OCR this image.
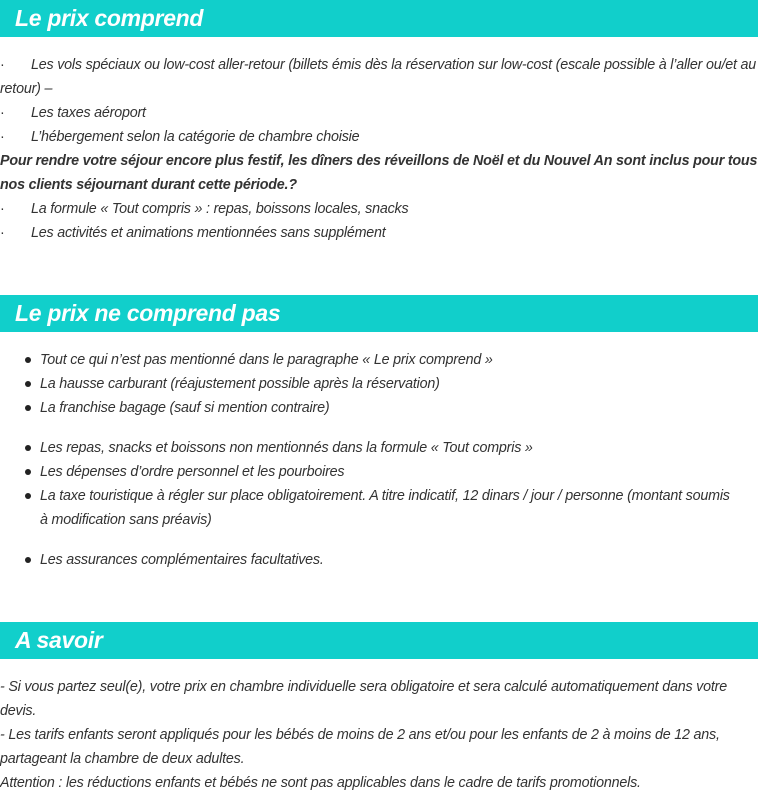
Le prix comprend
· Les vols spéciaux ou low-cost aller-retour (billets émis dès la réservation sur low-cost (escale possible à l’aller ou/et au retour) –
· Les taxes aéroport
· L’hébergement selon la catégorie de chambre choisie
Pour rendre votre séjour encore plus festif, les dîners des réveillons de Noël et du Nouvel An sont inclus pour tous nos clients séjournant durant cette période.?
· La formule « Tout compris » : repas, boissons locales, snacks
· Les activités et animations mentionnées sans supplément
Le prix ne comprend pas
Tout ce qui n’est pas mentionné dans le paragraphe « Le prix comprend »
La hausse carburant (réajustement possible après la réservation)
La franchise bagage (sauf si mention contraire)
Les repas, snacks et boissons non mentionnés dans la formule « Tout compris »
Les dépenses d’ordre personnel et les pourboires
La taxe touristique à régler sur place obligatoirement. A titre indicatif, 12 dinars / jour / personne (montant soumis à modification sans préavis)
Les assurances complémentaires facultatives.
A savoir
- Si vous partez seul(e), votre prix en chambre individuelle sera obligatoire et sera calculé automatiquement dans votre devis.
- Les tarifs enfants seront appliqués pour les bébés de moins de 2 ans et/ou pour les enfants de 2 à moins de 12 ans, partageant la chambre de deux adultes.
Attention : les réductions enfants et bébés ne sont pas applicables dans le cadre de tarifs promotionnels.
